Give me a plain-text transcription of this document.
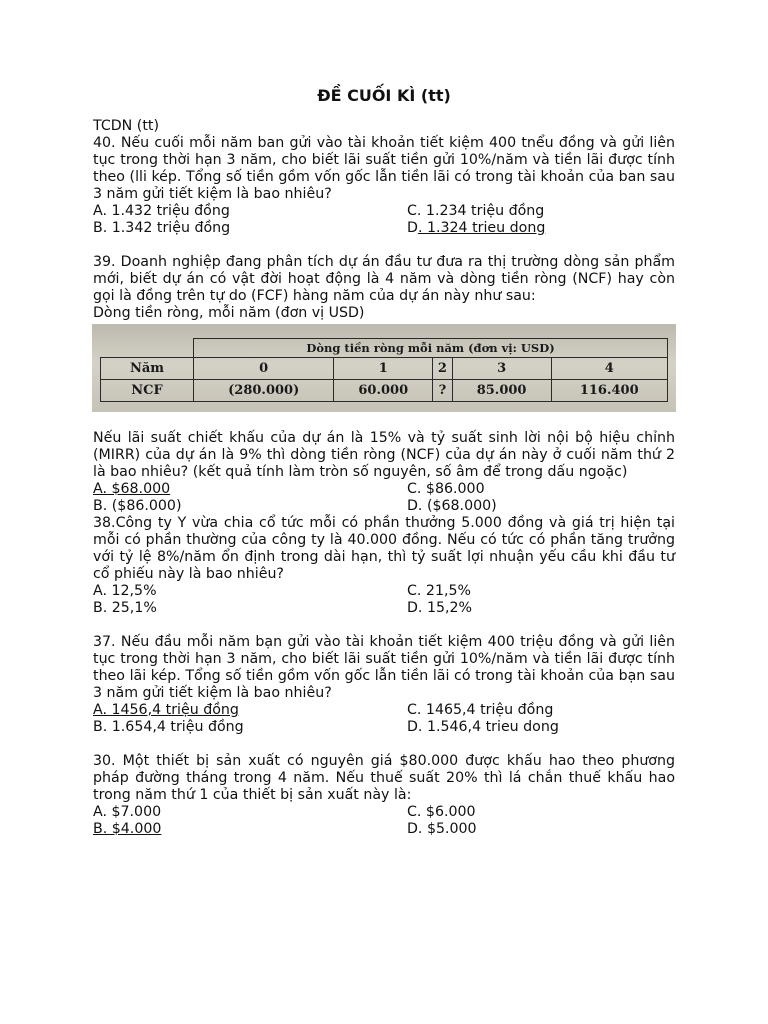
ĐỀ CUỐI KÌ (tt)
TCDN (tt)
40. Nếu cuối mỗi năm ban gửi vào tài khoản tiết kiệm 400 tnểu đồng và gửi liên tục trong thời hạn 3 năm, cho biết lãi suất tiền gửi 10%/năm và tiền lãi được tính theo (lli kép. Tổng số tiền gồm vốn gốc lẫn tiền lãi có trong tài khoản của ban sau 3 năm gửi tiết kiệm là bao nhiêu?
A. 1.432 triệu đồng	C. 1.234 triệu đồng
B. 1.342 triệu đồng	D. 1.324 trieu dong
39. Doanh nghiệp đang phân tích dự án đầu tư đưa ra thị trường dòng sản phẩm mới, biết dự án có vật đời hoạt động là 4 năm và dòng tiền ròng (NCF) hay còn gọi là đồng trên tự do (FCF) hàng năm của dự án này như sau:
Dòng tiền ròng, mỗi năm (đơn vị USD)
	Dòng tiền ròng mỗi năm (đơn vị: USD)				
Năm	0	1	2	3	4
NCF	(280.000)	60.000	?	85.000	116.400
Nếu lãi suất chiết khấu của dự án là 15% và tỷ suất sinh lời nội bộ hiệu chỉnh (MIRR) của dự án là 9% thì dòng tiền ròng (NCF) của dự án này ở cuối năm thứ 2 là bao nhiêu? (kết quả tính làm tròn số nguyên, số âm để trong dấu ngoặc)
A. $68.000	C. $86.000
B. ($86.000)	D. ($68.000)
38.Công ty Y vừa chia cổ tức mỗi có phần thưởng 5.000 đồng và giá trị hiện tại mỗi có phần thường của công ty là 40.000 đồng. Nếu có tức có phần tăng trưởng với tỷ lệ 8%/năm ổn định trong dài hạn, thì tỷ suất lợi nhuận yếu cầu khi đầu tư cổ phiếu này là bao nhiêu?
A. 12,5%	C. 21,5%
B. 25,1%	D. 15,2%
37. Nếu đầu mỗi năm bạn gửi vào tài khoản tiết kiệm 400 triệu đồng và gửi liên tục trong thời hạn 3 năm, cho biết lãi suất tiền gửi 10%/năm và tiền lãi được tính theo lãi kép. Tổng số tiền gồm vốn gốc lẫn tiền lãi có trong tài khoản của bạn sau 3 năm gửi tiết kiệm là bao nhiêu?
A. 1456,4 triệu đồng	C. 1465,4 triệu đồng
B. 1.654,4 triệu đồng	D. 1.546,4 trieu dong
30. Một thiết bị sản xuất có nguyên giá $80.000 được khấu hao theo phương pháp đường tháng trong 4 năm. Nếu thuế suất 20% thì lá chắn thuế khấu hao trong năm thứ 1 của thiết bị sản xuất này là:
A. $7.000	C. $6.000
B. $4.000	D. $5.000
